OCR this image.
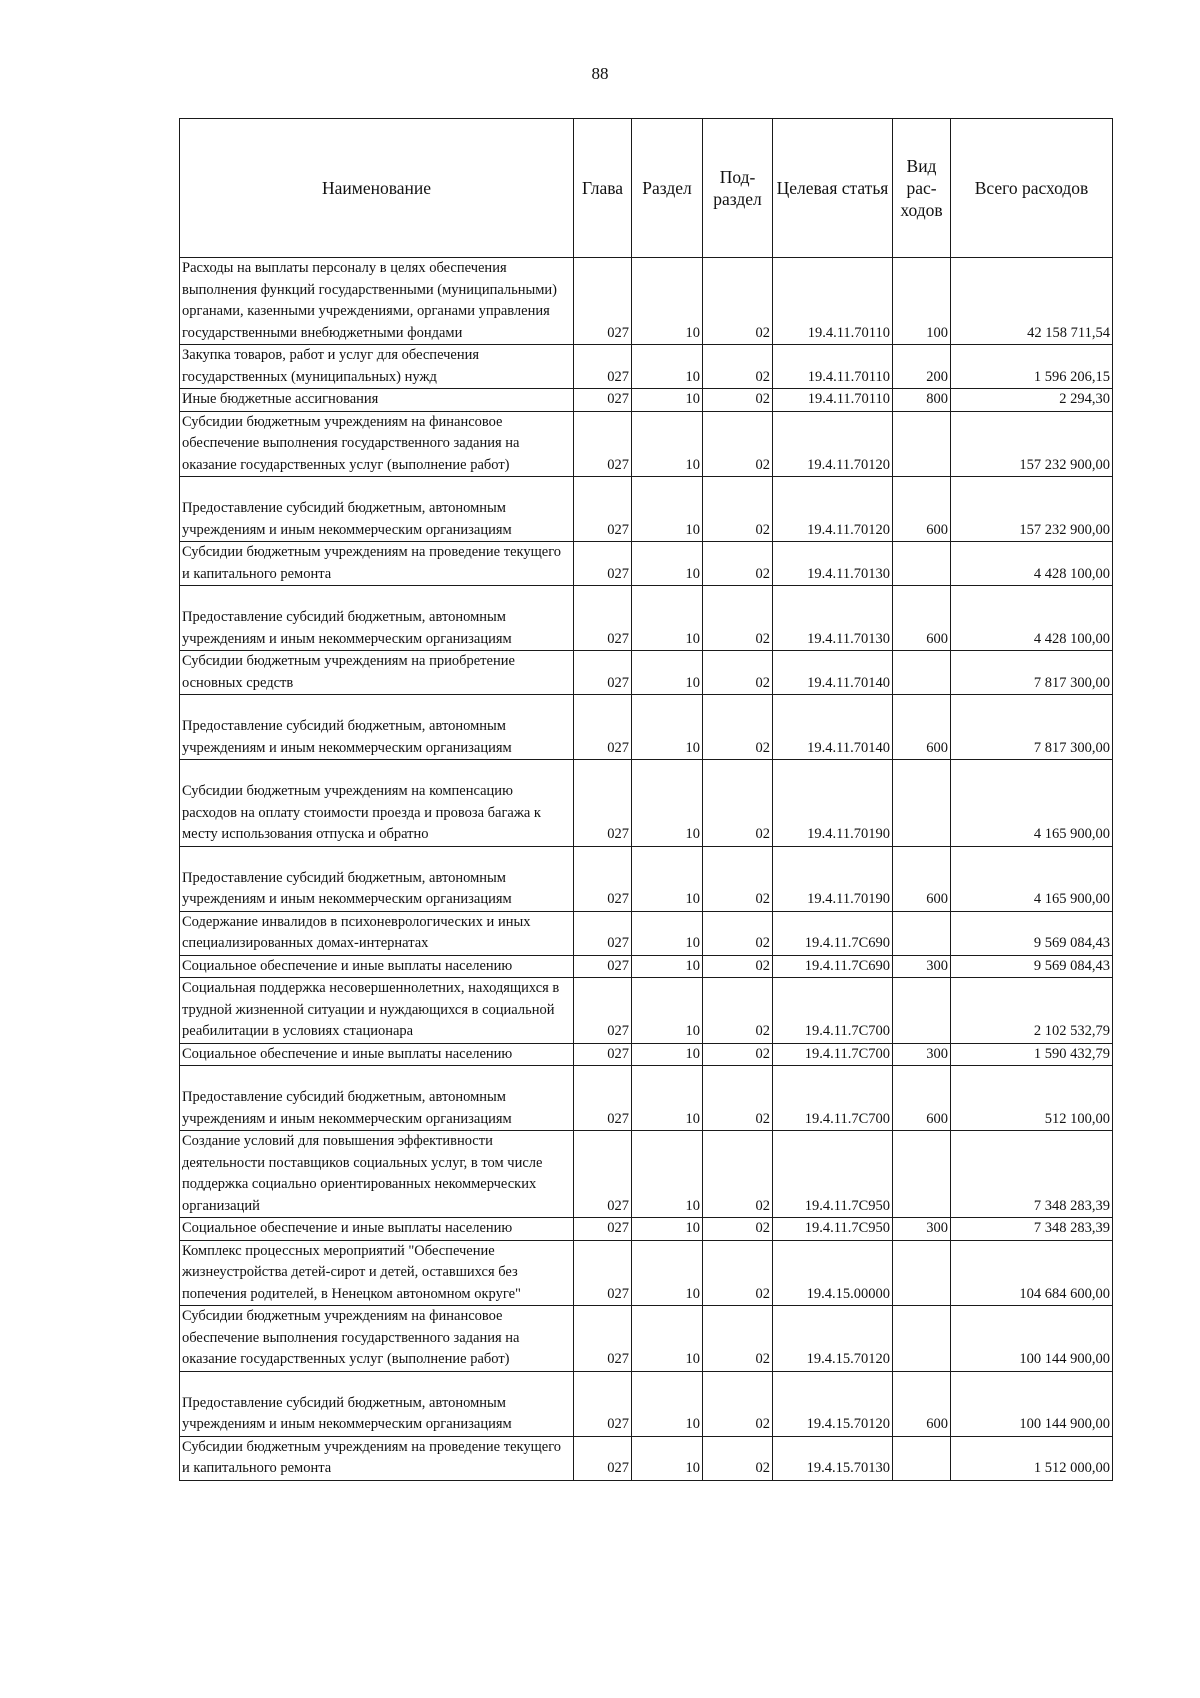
88
Наименование	Глава	Раздел	Под-раздел	Целевая статья	Вид рас-ходов	Всего расходов
Расходы на выплаты персоналу в целях обеспечения выполнения функций государственными (муниципальными) органами, казенными учреждениями, органами управления государственными внебюджетными фондами	027	10	02	19.4.11.70110	100	42 158 711,54
Закупка товаров, работ и услуг для обеспечения государственных (муниципальных) нужд	027	10	02	19.4.11.70110	200	1 596 206,15
Иные бюджетные ассигнования	027	10	02	19.4.11.70110	800	2 294,30
Субсидии бюджетным учреждениям на финансовое обеспечение выполнения государственного задания на оказание государственных услуг (выполнение работ)	027	10	02	19.4.11.70120		157 232 900,00
Предоставление субсидий бюджетным, автономным учреждениям и иным некоммерческим организациям	027	10	02	19.4.11.70120	600	157 232 900,00
Субсидии бюджетным учреждениям на проведение текущего и капитального ремонта	027	10	02	19.4.11.70130		4 428 100,00
Предоставление субсидий бюджетным, автономным учреждениям и иным некоммерческим организациям	027	10	02	19.4.11.70130	600	4 428 100,00
Субсидии бюджетным учреждениям на приобретение основных средств	027	10	02	19.4.11.70140		7 817 300,00
Предоставление субсидий бюджетным, автономным учреждениям и иным некоммерческим организациям	027	10	02	19.4.11.70140	600	7 817 300,00
Субсидии бюджетным учреждениям на компенсацию расходов на оплату стоимости проезда и провоза багажа к месту использования отпуска и обратно	027	10	02	19.4.11.70190		4 165 900,00
Предоставление субсидий бюджетным, автономным учреждениям и иным некоммерческим организациям	027	10	02	19.4.11.70190	600	4 165 900,00
Содержание инвалидов в психоневрологических и иных специализированных домах-интернатах	027	10	02	19.4.11.7С690		9 569 084,43
Социальное обеспечение и иные выплаты населению	027	10	02	19.4.11.7С690	300	9 569 084,43
Социальная поддержка несовершеннолетних, находящихся в трудной жизненной ситуации и нуждающихся в социальной реабилитации в условиях стационара	027	10	02	19.4.11.7С700		2 102 532,79
Социальное обеспечение и иные выплаты населению	027	10	02	19.4.11.7С700	300	1 590 432,79
Предоставление субсидий бюджетным, автономным учреждениям и иным некоммерческим организациям	027	10	02	19.4.11.7С700	600	512 100,00
Создание условий для повышения эффективности деятельности поставщиков социальных услуг, в том числе поддержка социально ориентированных некоммерческих организаций	027	10	02	19.4.11.7С950		7 348 283,39
Социальное обеспечение и иные выплаты населению	027	10	02	19.4.11.7С950	300	7 348 283,39
Комплекс процессных мероприятий "Обеспечение жизнеустройства детей-сирот и детей, оставшихся без попечения родителей, в Ненецком автономном округе"	027	10	02	19.4.15.00000		104 684 600,00
Субсидии бюджетным учреждениям на финансовое обеспечение выполнения государственного задания на оказание государственных услуг (выполнение работ)	027	10	02	19.4.15.70120		100 144 900,00
Предоставление субсидий бюджетным, автономным учреждениям и иным некоммерческим организациям	027	10	02	19.4.15.70120	600	100 144 900,00
Субсидии бюджетным учреждениям на проведение текущего и капитального ремонта	027	10	02	19.4.15.70130		1 512 000,00
